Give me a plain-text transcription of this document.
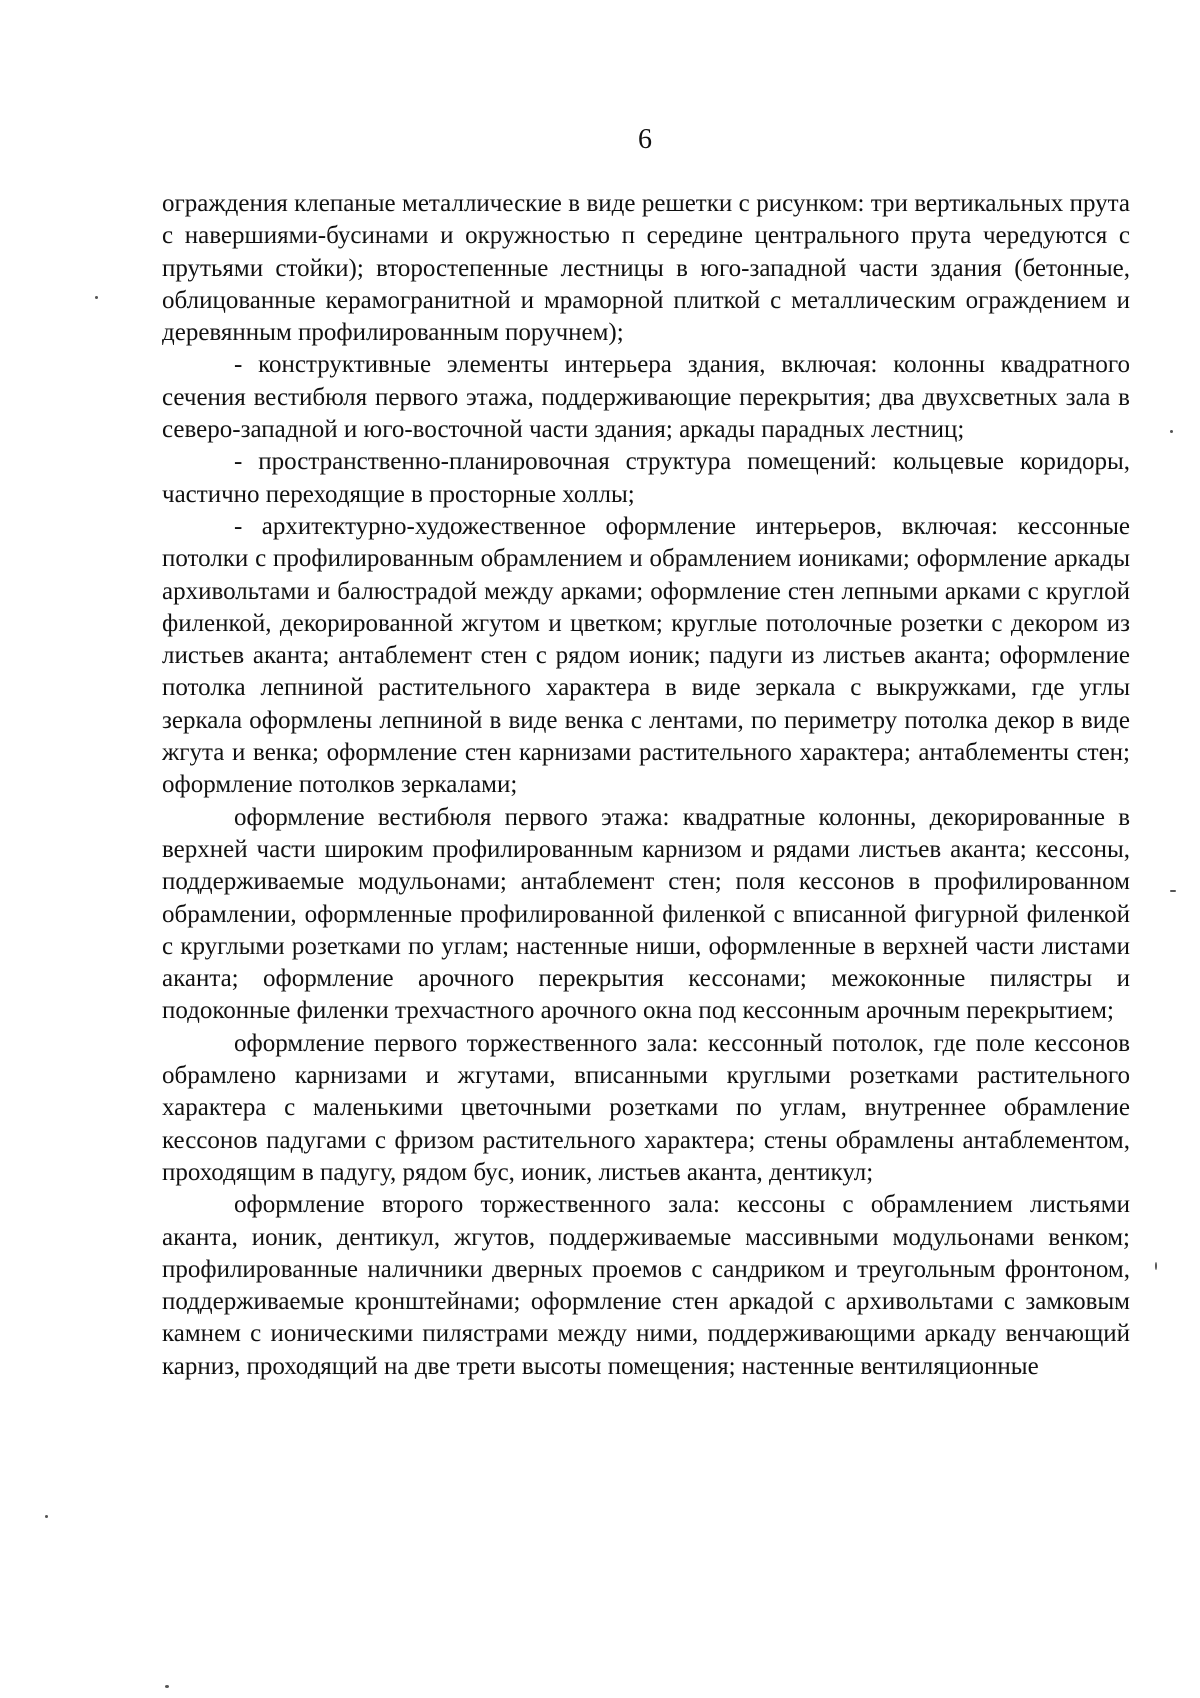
6

ограждения клепаные металлические в виде решетки с рисунком: три вертикальных прута с навершиями-бусинами и окружностью п середине центрального прута чередуются с прутьями стойки); второстепенные лестницы в юго-западной части здания (бетонные, облицованные керамогранитной и мраморной плиткой с металлическим ограждением и деревянным профилированным поручнем);

- конструктивные элементы интерьера здания, включая: колонны квадратного сечения вестибюля первого этажа, поддерживающие перекрытия; два двухсветных зала в северо-западной и юго-восточной части здания; аркады парадных лестниц;

- пространственно-планировочная структура помещений: кольцевые коридоры, частично переходящие в просторные холлы;

- архитектурно-художественное оформление интерьеров, включая: кессонные потолки с профилированным обрамлением и обрамлением иониками; оформление аркады архивольтами и балюстрадой между арками; оформление стен лепными арками с круглой филенкой, декорированной жгутом и цветком; круглые потолочные розетки с декором из листьев аканта; антаблемент стен с рядом ионик; падуги из листьев аканта; оформление потолка лепниной растительного характера в виде зеркала с выкружками, где углы зеркала оформлены лепниной в виде венка с лентами, по периметру потолка декор в виде жгута и венка; оформление стен карнизами растительного характера; антаблементы стен; оформление потолков зеркалами;

оформление вестибюля первого этажа: квадратные колонны, декорированные в верхней части широким профилированным карнизом и рядами листьев аканта; кессоны, поддерживаемые модульонами; антаблемент стен; поля кессонов в профилированном обрамлении, оформленные профилированной филенкой с вписанной фигурной филенкой с круглыми розетками по углам; настенные ниши, оформленные в верхней части листами аканта; оформление арочного перекрытия кессонами; межоконные пилястры и подоконные филенки трехчастного арочного окна под кессонным арочным перекрытием;

оформление первого торжественного зала: кессонный потолок, где поле кессонов обрамлено карнизами и жгутами, вписанными круглыми розетками растительного характера с маленькими цветочными розетками по углам, внутреннее обрамление кессонов падугами с фризом растительного характера; стены обрамлены антаблементом, проходящим в падугу, рядом бус, ионик, листьев аканта, дентикул;

оформление второго торжественного зала: кессоны с обрамлением листьями аканта, ионик, дентикул, жгутов, поддерживаемые массивными модульонами венком; профилированные наличники дверных проемов с сандриком и треугольным фронтоном, поддерживаемые кронштейнами; оформление стен аркадой с архивольтами с замковым камнем с ионическими пилястрами между ними, поддерживающими аркаду венчающий карниз, проходящий на две трети высоты помещения; настенные вентиляционные
